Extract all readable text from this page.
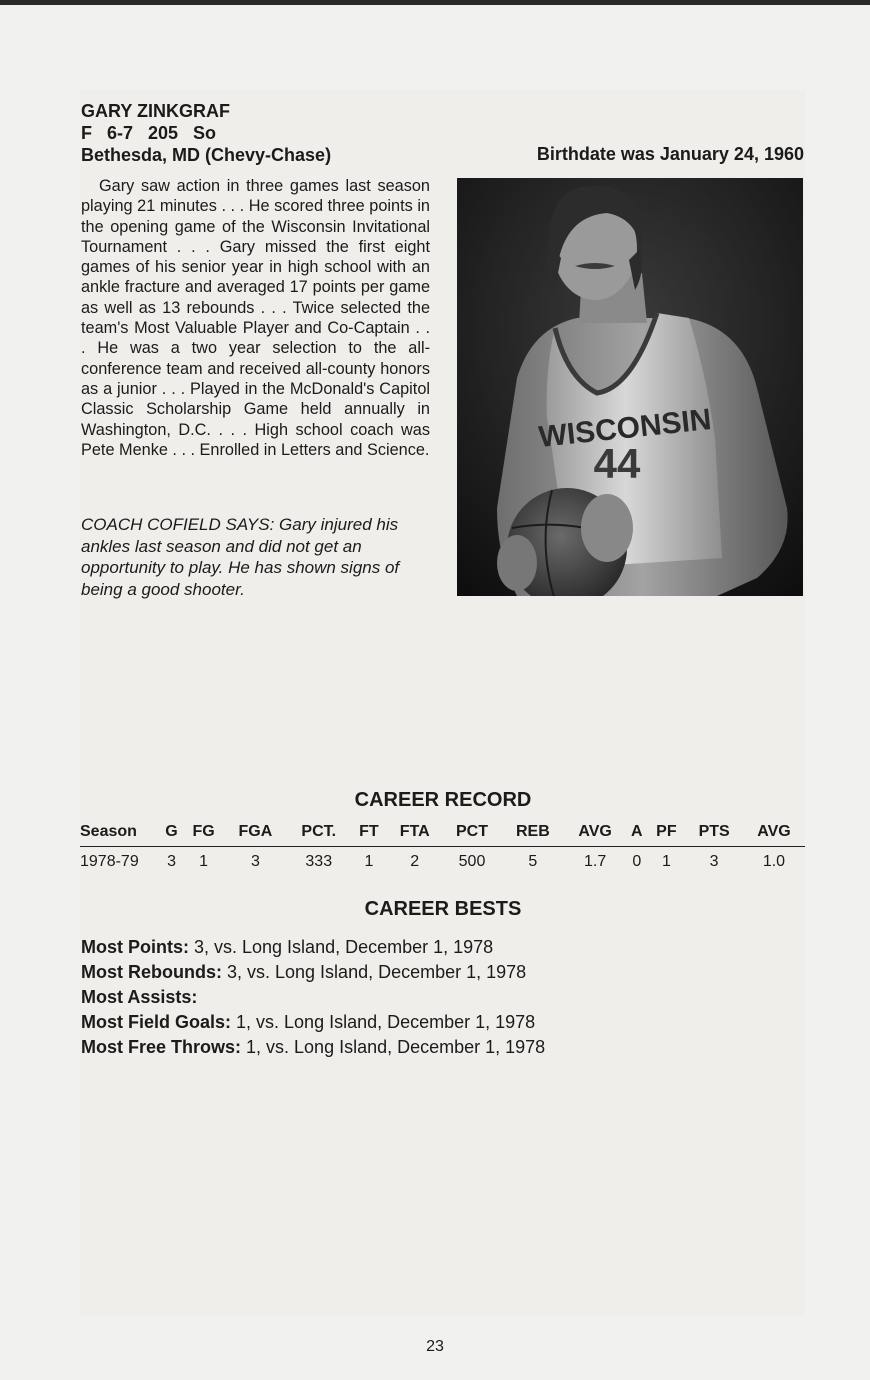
GARY ZINKGRAF
F   6-7   205   So
Bethesda, MD (Chevy-Chase)	Birthdate was January 24, 1960
Gary saw action in three games last season playing 21 minutes . . . He scored three points in the opening game of the Wisconsin Invitational Tournament . . . Gary missed the first eight games of his senior year in high school with an ankle fracture and averaged 17 points per game as well as 13 rebounds . . . Twice selected the team's Most Valuable Player and Co-Captain . . . He was a two year selection to the all-conference team and received all-county honors as a junior . . . Played in the McDonald's Capitol Classic Scholarship Game held annually in Washington, D.C. . . . High school coach was Pete Menke . . . Enrolled in Letters and Science.
COACH COFIELD SAYS: Gary injured his ankles last season and did not get an opportunity to play. He has shown signs of being a good shooter.
WISCONSIN
44
CAREER RECORD
Season	G	FG	FGA	PCT.	FT	FTA	PCT	REB	AVG	A	PF	PTS	AVG
1978-79	3	1	3	333	1	2	500	5	1.7	0	1	3	1.0
CAREER BESTS
Most Points: 3, vs. Long Island, December 1, 1978
Most Rebounds: 3, vs. Long Island, December 1, 1978
Most Assists:
Most Field Goals: 1, vs. Long Island, December 1, 1978
Most Free Throws: 1, vs. Long Island, December 1, 1978
23
